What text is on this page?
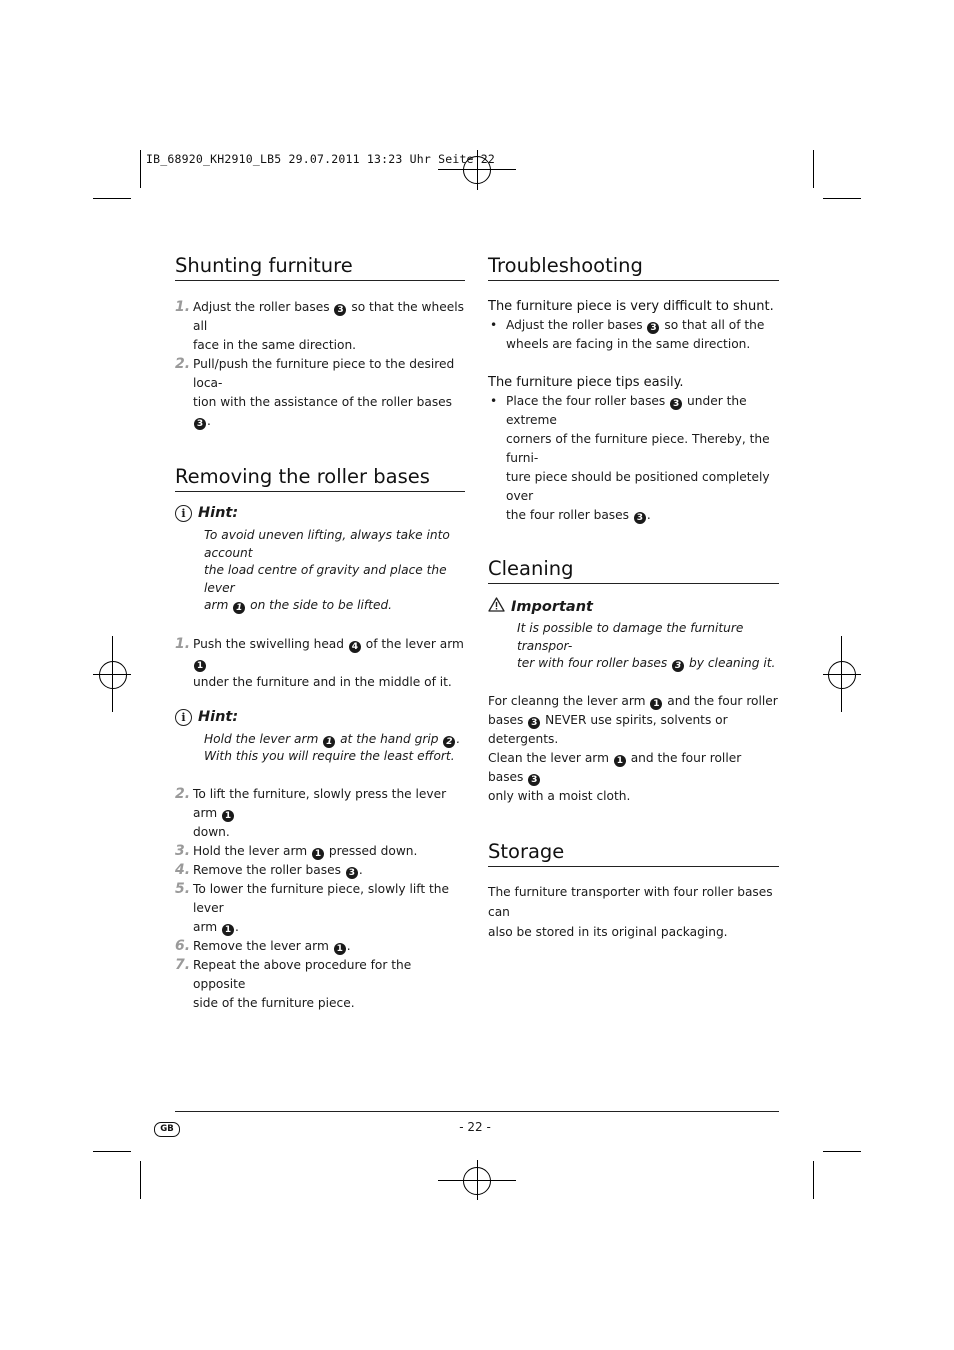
IB_68920_KH2910_LB5 29.07.2011 13:23 Uhr Seite 22
Shunting furniture
1. Adjust the roller bases 3 so that the wheels all
face in the same direction.
2. Pull/push the furniture piece to the desired loca-
tion with the assistance of the roller bases 3 .
Removing the roller bases
i Hint:
To avoid uneven lifting, always take into account
the load centre of gravity and place the lever
arm 1 on the side to be lifted.
1. Push the swivelling head 4 of the lever arm 1
under the furniture and in the middle of it.
i Hint:
Hold the lever arm 1 at the hand grip 2 .
With this you will require the least effort.
2. To lift the furniture, slowly press the lever arm 1
down.
3. Hold the lever arm 1 pressed down.
4. Remove the roller bases 3 .
5. To lower the furniture piece, slowly lift the lever
arm 1 .
6. Remove the lever arm 1 .
7. Repeat the above procedure for the opposite
side of the furniture piece.
Troubleshooting
The furniture piece is very difficult to shunt.
• Adjust the roller bases 3 so that all of the
wheels are facing in the same direction.
The furniture piece tips easily.
• Place the four roller bases 3 under the extreme
corners of the furniture piece. Thereby, the furni-
ture piece should be positioned completely over
the four roller bases 3 .
Cleaning
Important
It is possible to damage the furniture transpor-
ter with four roller bases 3 by cleaning it.
For cleanng the lever arm 1 and the four roller
bases 3 NEVER use spirits, solvents or detergents.
Clean the lever arm 1 and the four roller bases 3
only with a moist cloth.
Storage
The furniture transporter with four roller bases can
also be stored in its original packaging.
GB	- 22 -
